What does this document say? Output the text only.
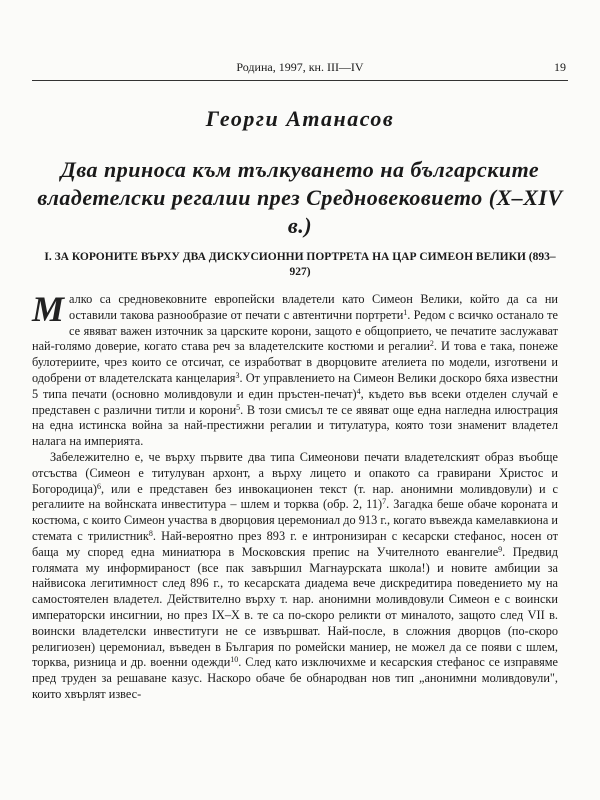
Родина, 1997, кн. III—IV	19
Георги Атанасов
Два приноса към тълкуването на българските владетелски регалии през Средновековието (X–XIV в.)
I. ЗА КОРОНИТЕ ВЪРХУ ДВА ДИСКУСИОННИ ПОРТРЕТА НА ЦАР СИМЕОН ВЕЛИКИ (893–927)

М алко са средновековните европейски владетели като Симеон Велики, който да са ни оставили такова разнообразие от печати с автентични портрети$^1$. Редом с всичко останало те се явяват важен източник за царските корони, защото е общоприето, че печатите заслужават най-голямо доверие, когато става реч за владетелските костюми и регалии$^2$. И това е така, понеже булотериите, чрез които се отсичат, се изработват в дворцовите ателиета по модели, изготвени и одобрени от владетелската канцелария$^3$. От управлението на Симеон Велики доскоро бяха известни 5 типа печати (основно моливдовули и един пръстен-печат)$^4$, където във всеки отделен случай е представен с различни титли и корони$^5$. В този смисъл те се явяват още една нагледна илюстрация на една истинска война за най-престижни регалии и титулатура, която този знаменит владетел налага на империята.

Забележително е, че върху първите два типа Симеонови печати владетелският образ въобще отсъства (Симеон е титулуван архонт, а върху лицето и опакото са гравирани Христос и Богородица)$^6$, или е представен без инвокационен текст (т. нар. анонимни моливдовули) и с регалиите на войнската инвеститура – шлем и торква (обр. 2, 11)$^7$. Загадка беше обаче короната и костюма, с които Симеон участва в дворцовия церемониал до 913 г., когато въвежда камелавкиона и стемата с трилистник$^8$. Най-вероятно през 893 г. е интронизиран с кесарски стефанос, носен от баща му според една миниатюра в Московския препис на Учителното евангелие$^9$. Предвид голямата му информираност (все пак завършил Магнаурската школа!) и новите амбиции за найвисока легитимност след 896 г., то кесарската диадема вече дискредитира поведението му на самостоятелен владетел. Действително върху т. нар. анонимни моливдовули Симеон е с воински императорски инсигнии, но през IX–X в. те са по-скоро реликти от миналото, защото след VII в. воински владетелски инвеституги не се извършват. Най-после, в сложния дворцов (по-скоро религиозен) церемониал, въведен в България по ромейски маниер, не можел да се появи с шлем, торква, ризница и др. военни одежди$^{10}$. След като изключихме и кесарския стефанос се изправяме пред труден за решаване казус. Наскоро обаче бе обнародван нов тип „анонимни моливдовули", които хвърлят извес-
